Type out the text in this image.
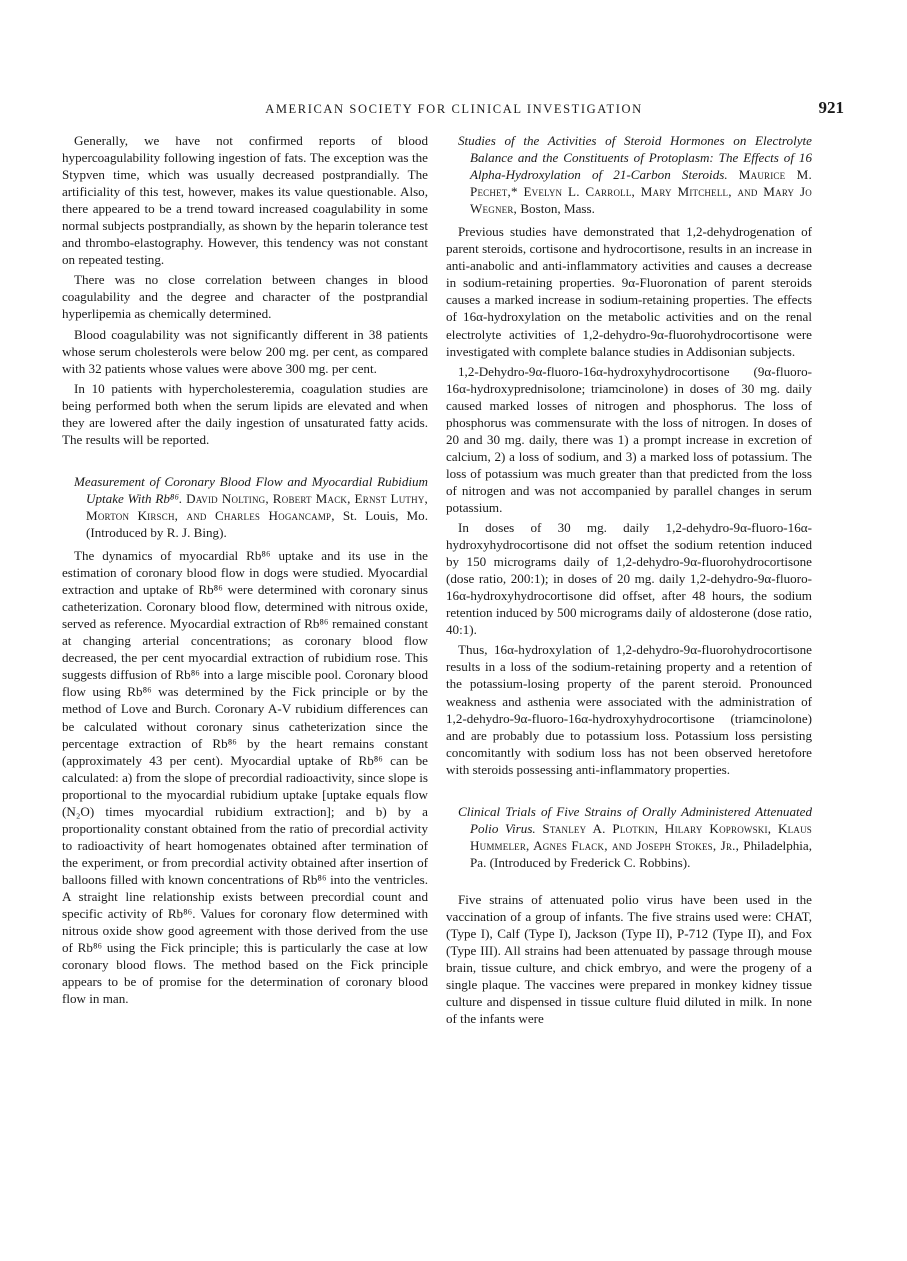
AMERICAN SOCIETY FOR CLINICAL INVESTIGATION	921

Generally, we have not confirmed reports of blood hypercoagulability following ingestion of fats. The exception was the Stypven time, which was usually decreased postprandially. The artificiality of this test, however, makes its value questionable. Also, there appeared to be a trend toward increased coagulability in some normal subjects postprandially, as shown by the heparin tolerance test and thrombo-elastography. However, this tendency was not constant on repeated testing.

There was no close correlation between changes in blood coagulability and the degree and character of the postprandial hyperlipemia as chemically determined.

Blood coagulability was not significantly different in 38 patients whose serum cholesterols were below 200 mg. per cent, as compared with 32 patients whose values were above 300 mg. per cent.

In 10 patients with hypercholesteremia, coagulation studies are being performed both when the serum lipids are elevated and when they are lowered after the daily ingestion of unsaturated fatty acids. The results will be reported.

Measurement of Coronary Blood Flow and Myocardial Rubidium Uptake With Rb⁸⁶. David Nolting, Robert Mack, Ernst Luthy, Morton Kirsch, and Charles Hogancamp, St. Louis, Mo. (Introduced by R. J. Bing).

The dynamics of myocardial Rb⁸⁶ uptake and its use in the estimation of coronary blood flow in dogs were studied. Myocardial extraction and uptake of Rb⁸⁶ were determined with coronary sinus catheterization. Coronary blood flow, determined with nitrous oxide, served as reference. Myocardial extraction of Rb⁸⁶ remained constant at changing arterial concentrations; as coronary blood flow decreased, the per cent myocardial extraction of rubidium rose. This suggests diffusion of Rb⁸⁶ into a large miscible pool. Coronary blood flow using Rb⁸⁶ was determined by the Fick principle or by the method of Love and Burch. Coronary A-V rubidium differences can be calculated without coronary sinus catheterization since the percentage extraction of Rb⁸⁶ by the heart remains constant (approximately 43 per cent). Myocardial uptake of Rb⁸⁶ can be calculated: a) from the slope of precordial radioactivity, since slope is proportional to the myocardial rubidium uptake [uptake equals flow (N₂O) times myocardial rubidium extraction]; and b) by a proportionality constant obtained from the ratio of precordial activity to radioactivity of heart homogenates obtained after termination of the experiment, or from precordial activity obtained after insertion of balloons filled with known concentrations of Rb⁸⁶ into the ventricles. A straight line relationship exists between precordial count and specific activity of Rb⁸⁶. Values for coronary flow determined with nitrous oxide show good agreement with those derived from the use of Rb⁸⁶ using the Fick principle; this is particularly the case at low coronary blood flows. The method based on the Fick principle appears to be of promise for the determination of coronary blood flow in man.

Studies of the Activities of Steroid Hormones on Electrolyte Balance and the Constituents of Protoplasm: The Effects of 16 Alpha-Hydroxylation of 21-Carbon Steroids. Maurice M. Pechet,* Evelyn L. Carroll, Mary Mitchell, and Mary Jo Wegner, Boston, Mass.

Previous studies have demonstrated that 1,2-dehydrogenation of parent steroids, cortisone and hydrocortisone, results in an increase in anti-anabolic and anti-inflammatory activities and causes a decrease in sodium-retaining properties. 9α-Fluoronation of parent steroids causes a marked increase in sodium-retaining properties. The effects of 16α-hydroxylation on the metabolic activities and on the renal electrolyte activities of 1,2-dehydro-9α-fluorohydrocortisone were investigated with complete balance studies in Addisonian subjects.

1,2-Dehydro-9α-fluoro-16α-hydroxyhydrocortisone (9α-fluoro-16α-hydroxyprednisolone; triamcinolone) in doses of 30 mg. daily caused marked losses of nitrogen and phosphorus. The loss of phosphorus was commensurate with the loss of nitrogen. In doses of 20 and 30 mg. daily, there was 1) a prompt increase in excretion of calcium, 2) a loss of sodium, and 3) a marked loss of potassium. The loss of potassium was much greater than that predicted from the loss of nitrogen and was not accompanied by parallel changes in serum potassium.

In doses of 30 mg. daily 1,2-dehydro-9α-fluoro-16α-hydroxyhydrocortisone did not offset the sodium retention induced by 150 micrograms daily of 1,2-dehydro-9α-fluorohydrocortisone (dose ratio, 200:1); in doses of 20 mg. daily 1,2-dehydro-9α-fluoro-16α-hydroxyhydrocortisone did offset, after 48 hours, the sodium retention induced by 500 micrograms daily of aldosterone (dose ratio, 40:1).

Thus, 16α-hydroxylation of 1,2-dehydro-9α-fluorohydrocortisone results in a loss of the sodium-retaining property and a retention of the potassium-losing property of the parent steroid. Pronounced weakness and asthenia were associated with the administration of 1,2-dehydro-9α-fluoro-16α-hydroxyhydrocortisone (triamcinolone) and are probably due to potassium loss. Potassium loss persisting concomitantly with sodium loss has not been observed heretofore with steroids possessing anti-inflammatory properties.

Clinical Trials of Five Strains of Orally Administered Attenuated Polio Virus. Stanley A. Plotkin, Hilary Koprowski, Klaus Hummeler, Agnes Flack, and Joseph Stokes, Jr., Philadelphia, Pa. (Introduced by Frederick C. Robbins).

Five strains of attenuated polio virus have been used in the vaccination of a group of infants. The five strains used were: CHAT, (Type I), Calf (Type I), Jackson (Type II), P-712 (Type II), and Fox (Type III). All strains had been attenuated by passage through mouse brain, tissue culture, and chick embryo, and were the progeny of a single plaque. The vaccines were prepared in monkey kidney tissue culture and dispensed in tissue culture fluid diluted in milk. In none of the infants were
